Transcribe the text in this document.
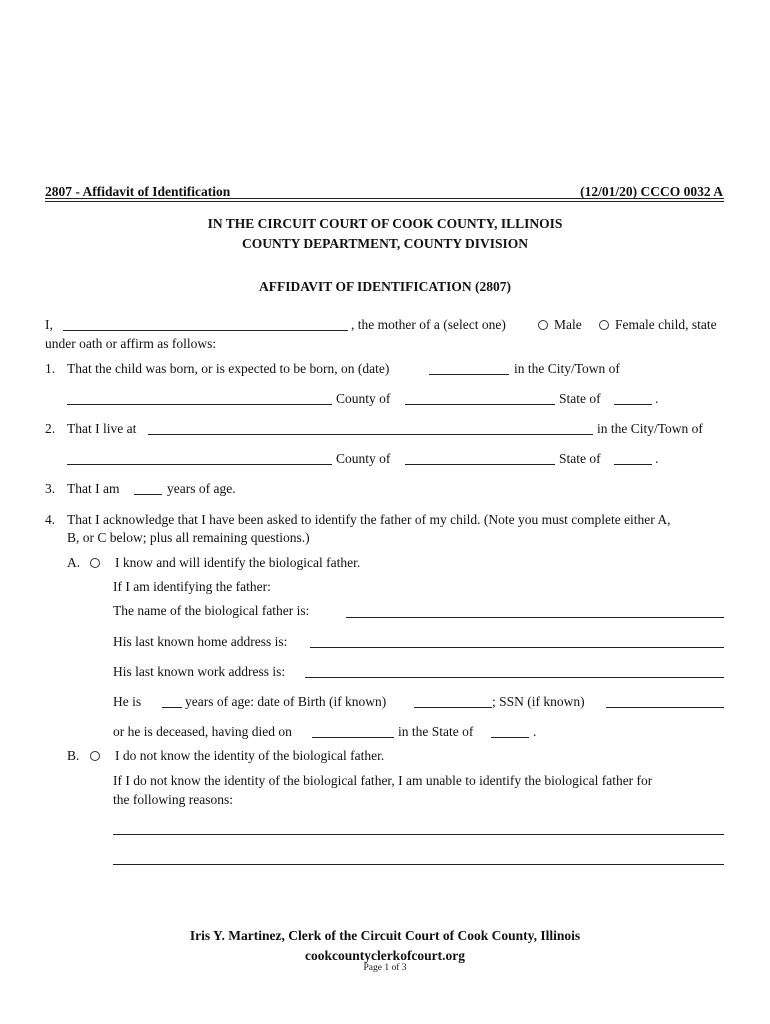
2807 - Affidavit of Identification	(12/01/20) CCCO 0032 A
IN THE CIRCUIT COURT OF COOK COUNTY, ILLINOIS
COUNTY DEPARTMENT, COUNTY DIVISION
AFFIDAVIT OF IDENTIFICATION (2807)
I,	, the mother of a (select one)	Male Female child, state
under oath or affirm as follows:
1. That the child was born, or is expected to be born, on (date)	in the City/Town of
County of	State of	.
2. That I live at	in the City/Town of
County of	State of	.
3. That I am	years of age.
4. That I acknowledge that I have been asked to identify the father of my child. (Note you must complete either A,
B, or C below; plus all remaining questions.)
A.	I know and will identify the biological father.
If I am identifying the father:
The name of the biological father is:
His last known home address is:
His last known work address is:
He is	years of age: date of Birth (if known)	; SSN (if known)
or he is deceased, having died on	in the State of	.
B.	I do not know the identity of the biological father.
If I do not know the identity of the biological father, I am unable to identify the biological father for
the following reasons:
Iris Y. Martinez, Clerk of the Circuit Court of Cook County, Illinois
cookcountyclerkofcourt.org
Page 1 of 3
